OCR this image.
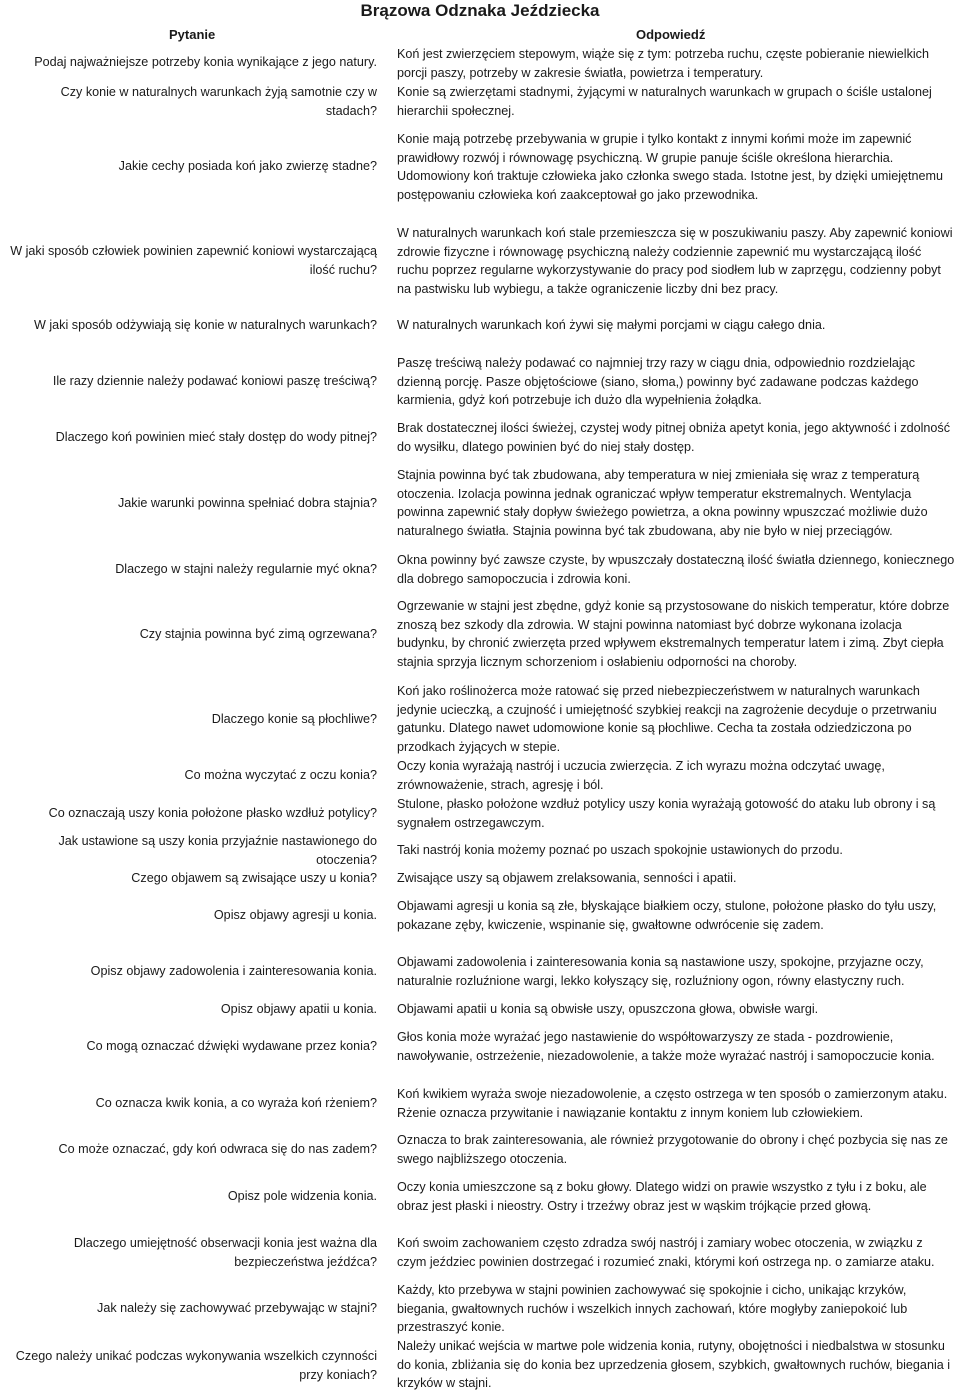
Brązowa Odznaka Jeździecka
Pytanie	Odpowiedź
Podaj najważniejsze potrzeby konia wynikające z jego natury.
Koń jest zwierzęciem stepowym, wiąże się z tym: potrzeba ruchu, częste pobieranie niewielkich porcji paszy, potrzeby w zakresie światła, powietrza i temperatury.
Czy konie w naturalnych warunkach żyją samotnie czy w stadach?
Konie są zwierzętami stadnymi, żyjącymi w naturalnych warunkach w grupach o ściśle ustalonej hierarchii społecznej.
Jakie cechy posiada koń jako zwierzę stadne?
Konie mają potrzebę przebywania w grupie i tylko kontakt z innymi końmi może im zapewnić prawidłowy rozwój i równowagę psychiczną. W grupie panuje ściśle określona hierarchia. Udomowiony koń traktuje człowieka jako członka swego stada. Istotne jest, by dzięki umiejętnemu postępowaniu człowieka koń zaakceptował go jako przewodnika.
W jaki sposób człowiek powinien zapewnić koniowi wystarczającą ilość ruchu?
W naturalnych warunkach koń stale przemieszcza się w poszukiwaniu paszy. Aby zapewnić koniowi zdrowie fizyczne i równowagę psychiczną należy codziennie zapewnić mu wystarczającą ilość ruchu poprzez regularne wykorzystywanie do pracy pod siodłem lub w zaprzęgu, codzienny pobyt na pastwisku lub wybiegu, a także ograniczenie liczby dni bez pracy.
W jaki sposób odżywiają się konie w naturalnych warunkach? W naturalnych warunkach koń żywi się małymi porcjami w ciągu całego dnia.
Ile razy dziennie należy podawać koniowi paszę treściwą?
Paszę treściwą należy podawać co najmniej trzy razy w ciągu dnia, odpowiednio rozdzielając dzienną porcję. Pasze objętościowe (siano, słoma,) powinny być zadawane podczas każdego karmienia, gdyż koń potrzebuje ich dużo dla wypełnienia żołądka.
Dlaczego koń powinien mieć stały dostęp do wody pitnej?
Brak dostatecznej ilości świeżej, czystej wody pitnej obniża apetyt konia, jego aktywność i zdolność do wysiłku, dlatego powinien być do niej stały dostęp.
Jakie warunki powinna spełniać dobra stajnia?
Stajnia powinna być tak zbudowana, aby temperatura w niej zmieniała się wraz z temperaturą otoczenia. Izolacja powinna jednak ograniczać wpływ temperatur ekstremalnych. Wentylacja powinna zapewnić stały dopływ świeżego powietrza, a okna powinny wpuszczać możliwie dużo naturalnego światła. Stajnia powinna być tak zbudowana, aby nie było w niej przeciągów.
Dlaczego w stajni należy regularnie myć okna?
Okna powinny być zawsze czyste, by wpuszczały dostateczną ilość światła dziennego, koniecznego dla dobrego samopoczucia i zdrowia koni.
Czy stajnia powinna być zimą ogrzewana?
Ogrzewanie w stajni jest zbędne, gdyż konie są przystosowane do niskich temperatur, które dobrze znoszą bez szkody dla zdrowia. W stajni powinna natomiast być dobrze wykonana izolacja budynku, by chronić zwierzęta przed wpływem ekstremalnych temperatur latem i zimą. Zbyt ciepła stajnia sprzyja licznym schorzeniom i osłabieniu odporności na choroby.
Dlaczego konie są płochliwe?
Koń jako roślinożerca może ratować się przed niebezpieczeństwem w naturalnych warunkach jedynie ucieczką, a czujność i umiejętność szybkiej reakcji na zagrożenie decyduje o przetrwaniu gatunku. Dlatego nawet udomowione konie są płochliwe. Cecha ta została odziedziczona po przodkach żyjących w stepie.
Co można wyczytać z oczu konia?
Oczy konia wyrażają nastrój i uczucia zwierzęcia. Z ich wyrazu można odczytać uwagę, zrównoważenie, strach, agresję i ból.
Co oznaczają uszy konia położone płasko wzdłuż potylicy?
Stulone, płasko położone wzdłuż potylicy uszy konia wyrażają gotowość do ataku lub obrony i są sygnałem ostrzegawczym.
Jak ustawione są uszy konia przyjaźnie nastawionego do otoczenia?
Taki nastrój konia możemy poznać po uszach spokojnie ustawionych do przodu.
Czego objawem są zwisające uszy u konia? Zwisające uszy są objawem zrelaksowania, senności i apatii.
Opisz objawy agresji u konia.
Objawami agresji u konia są złe, błyskające białkiem oczy, stulone, położone płasko do tyłu uszy, pokazane zęby, kwiczenie, wspinanie się, gwałtowne odwrócenie się zadem.
Opisz objawy zadowolenia i zainteresowania konia.
Objawami zadowolenia i zainteresowania konia są nastawione uszy, spokojne, przyjazne oczy, naturalnie rozluźnione wargi, lekko kołyszący się, rozluźniony ogon, równy elastyczny ruch.
Opisz objawy apatii u konia. Objawami apatii u konia są obwisłe uszy, opuszczona głowa, obwisłe wargi.
Co mogą oznaczać dźwięki wydawane przez konia?
Głos konia może wyrażać jego nastawienie do współtowarzyszy ze stada - pozdrowienie, nawoływanie, ostrzeżenie, niezadowolenie, a także może wyrażać nastrój i samopoczucie konia.
Co oznacza kwik konia, a co wyraża koń rżeniem?
Koń kwikiem wyraża swoje niezadowolenie, a często ostrzega w ten sposób o zamierzonym ataku. Rżenie oznacza przywitanie i nawiązanie kontaktu z innym koniem lub człowiekiem.
Co może oznaczać, gdy koń odwraca się do nas zadem?
Oznacza to brak zainteresowania, ale również przygotowanie do obrony i chęć pozbycia się nas ze swego najbliższego otoczenia.
Opisz pole widzenia konia.
Oczy konia umieszczone są z boku głowy. Dlatego widzi on prawie wszystko z tyłu i z boku, ale obraz jest płaski i nieostry. Ostry i trzeźwy obraz jest w wąskim trójkącie przed głową.
Dlaczego umiejętność obserwacji konia jest ważna dla bezpieczeństwa jeźdźca?
Koń swoim zachowaniem często zdradza swój nastrój i zamiary wobec otoczenia, w związku z czym jeździec powinien dostrzegać i rozumieć znaki, którymi koń ostrzega np. o zamiarze ataku.
Jak należy się zachowywać przebywając w stajni?
Każdy, kto przebywa w stajni powinien zachowywać się spokojnie i cicho, unikając krzyków, biegania, gwałtownych ruchów i wszelkich innych zachowań, które mogłyby zaniepokoić lub przestraszyć konie.
Czego należy unikać podczas wykonywania wszelkich czynności przy koniach?
Należy unikać wejścia w martwe pole widzenia konia, rutyny, obojętności i niedbalstwa w stosunku do konia, zbliżania się do konia bez uprzedzenia głosem, szybkich, gwałtownych ruchów, biegania i krzyków w stajni.
